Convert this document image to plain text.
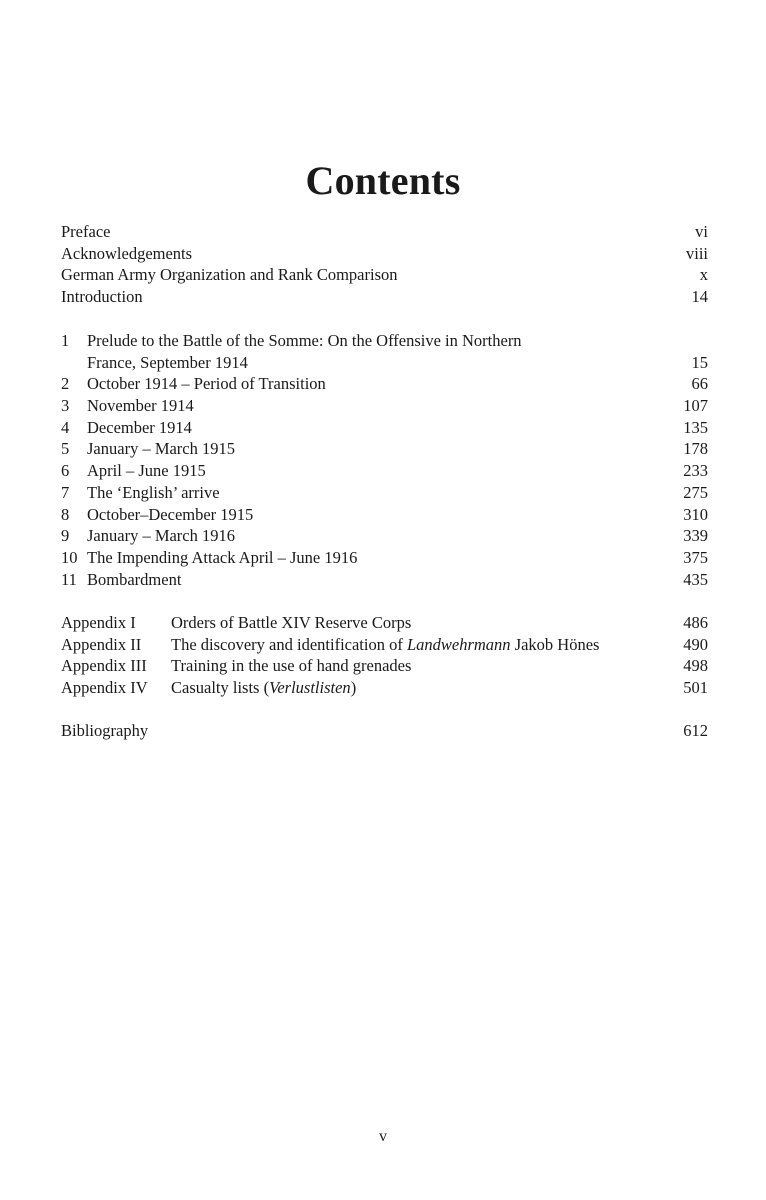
Contents
Preface	vi
Acknowledgements	viii
German Army Organization and Rank Comparison	x
Introduction	14
1	Prelude to the Battle of the Somme: On the Offensive in Northern
France, September 1914	15
2	October 1914 – Period of Transition	66
3	November 1914	107
4	December 1914	135
5	January – March 1915	178
6	April – June 1915	233
7	The ‘English’ arrive	275
8	October–December 1915	310
9	January – March 1916	339
10 The Impending Attack April – June 1916	375
11 Bombardment	435
Appendix I	Orders of Battle XIV Reserve Corps	486
Appendix II	The discovery and identification of Landwehrmann Jakob Hönes	490
Appendix III	Training in the use of hand grenades	498
Appendix IV	Casualty lists (Verlustlisten)	501
Bibliography	612
v
